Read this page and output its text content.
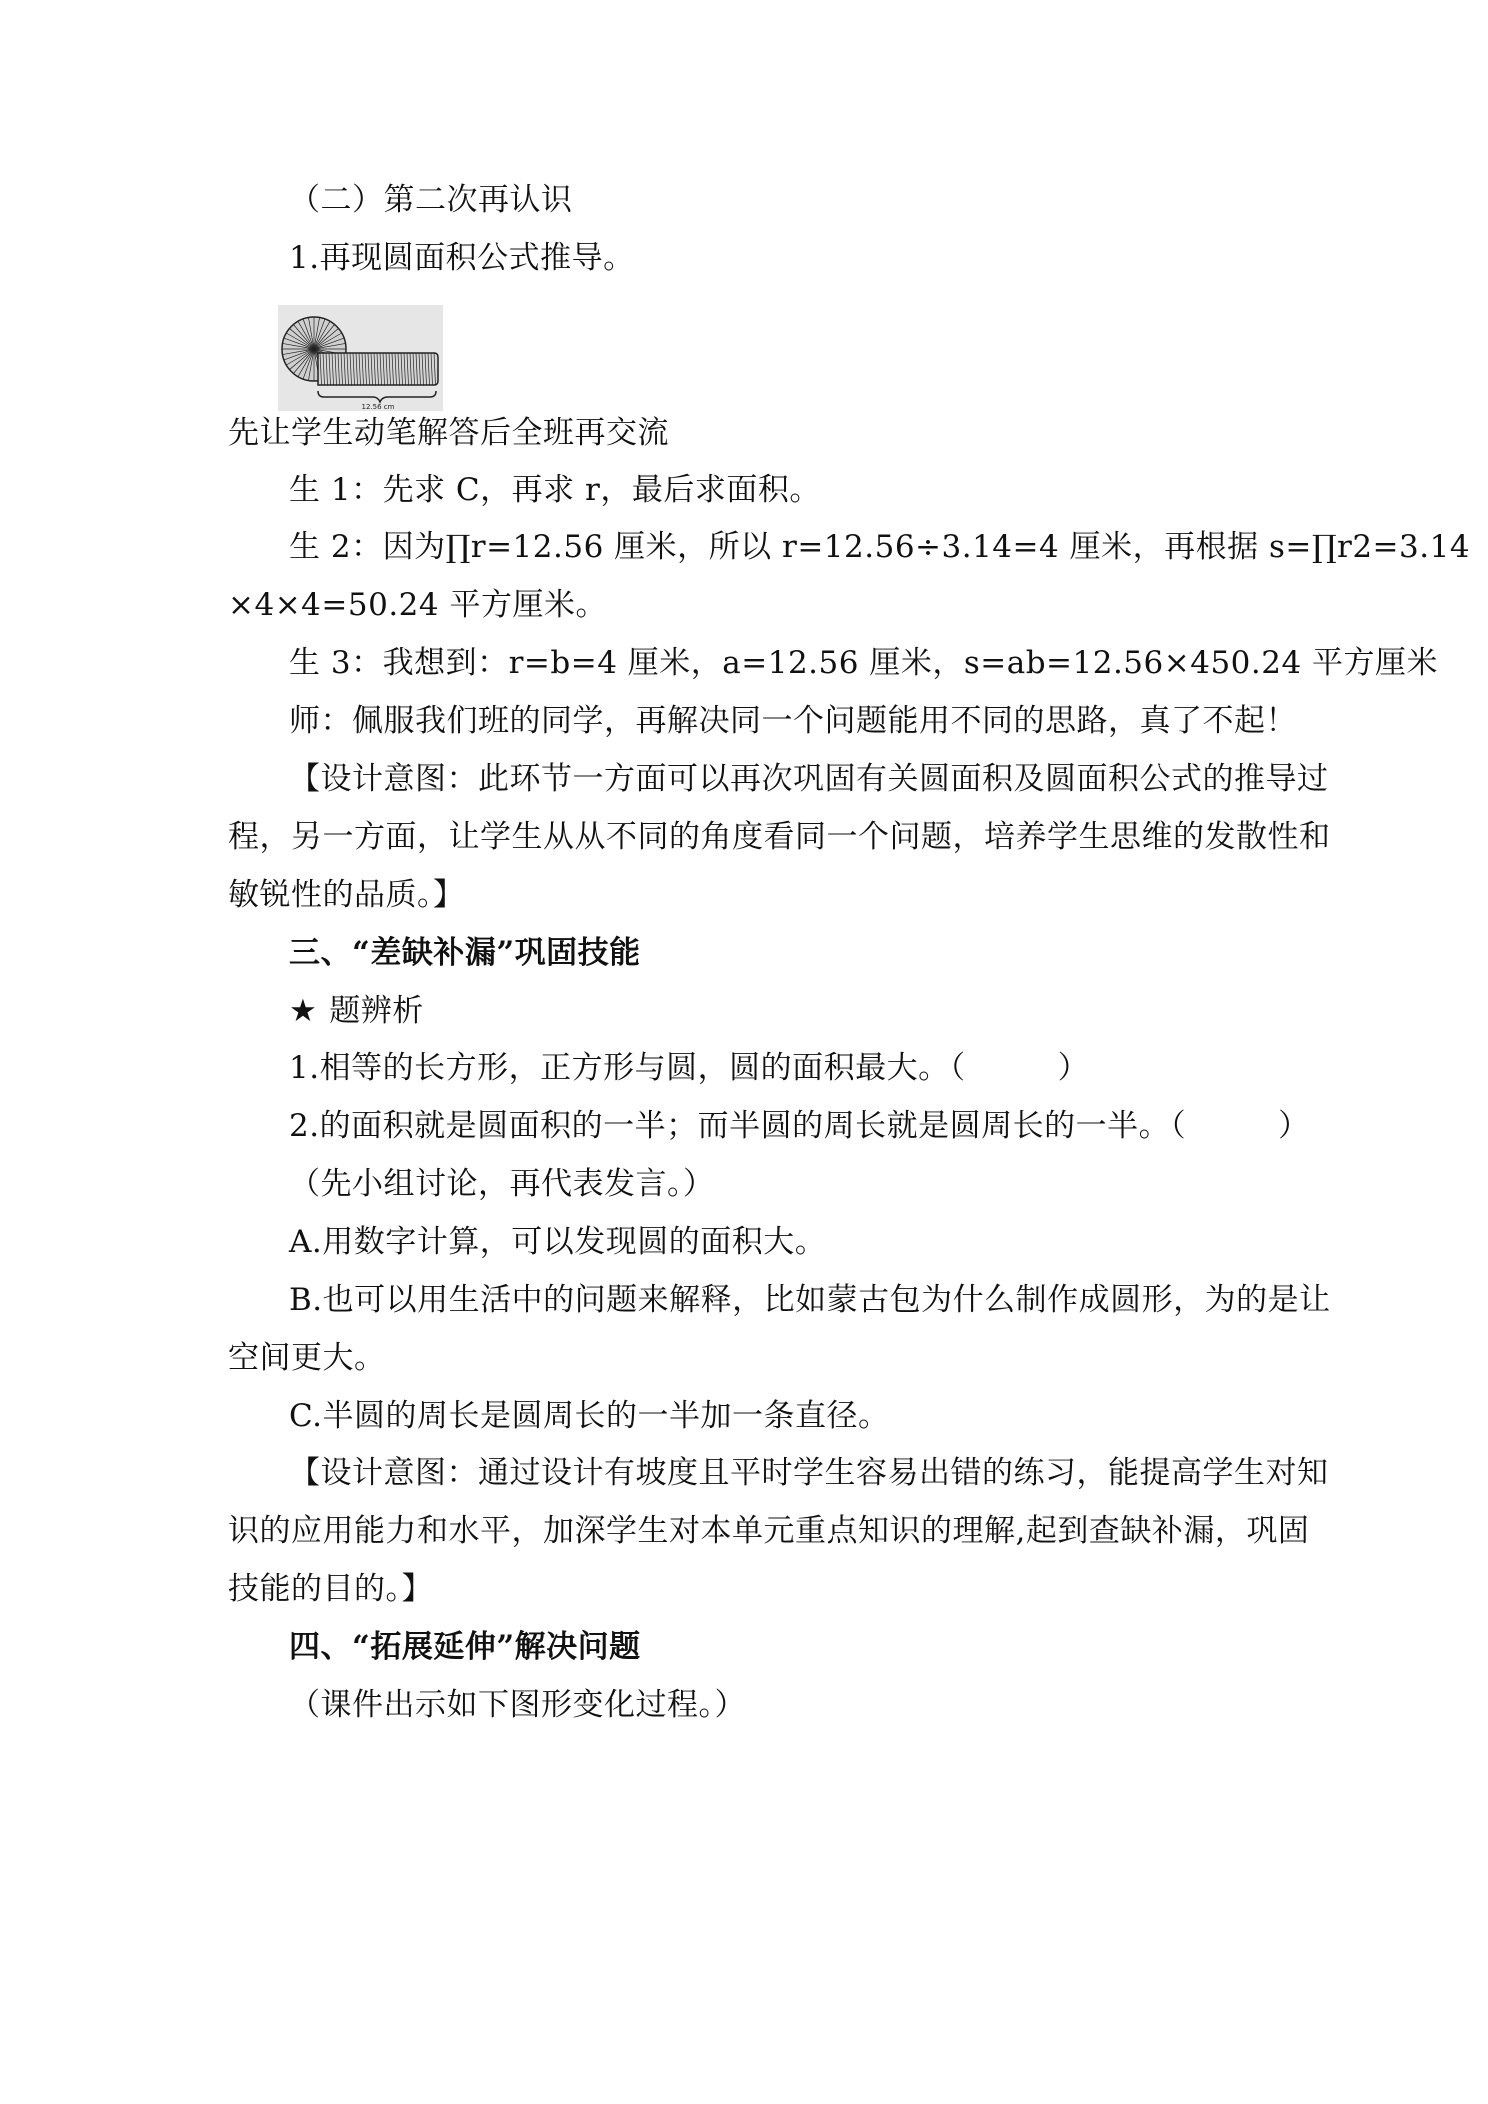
（二）第二次再认识
1.再现圆面积公式推导。
12.56 cm
先让学生动笔解答后全班再交流
生 1：先求 C，再求 r，最后求面积。
生 2：因为∏r=12.56 厘米，所以 r=12.56÷3.14=4 厘米，再根据 s=∏r2=3.14
×4×4=50.24 平方厘米。
生 3：我想到：r=b=4 厘米，a=12.56 厘米，s=ab=12.56×450.24 平方厘米
师：佩服我们班的同学，再解决同一个问题能用不同的思路，真了不起！
【设计意图：此环节一方面可以再次巩固有关圆面积及圆面积公式的推导过
程，另一方面，让学生从从不同的角度看同一个问题，培养学生思维的发散性和
敏锐性的品质。】
三、“差缺补漏”巩固技能
★ 题辨析
1.相等的长方形，正方形与圆，圆的面积最大。（	）
2.的面积就是圆面积的一半；而半圆的周长就是圆周长的一半。（	）
（先小组讨论，再代表发言。）
A.用数字计算，可以发现圆的面积大。
B.也可以用生活中的问题来解释，比如蒙古包为什么制作成圆形，为的是让
空间更大。
C.半圆的周长是圆周长的一半加一条直径。
【设计意图：通过设计有坡度且平时学生容易出错的练习，能提高学生对知
识的应用能力和水平，加深学生对本单元重点知识的理解,起到查缺补漏，巩固
技能的目的。】
四、“拓展延伸”解决问题
（课件出示如下图形变化过程。）
